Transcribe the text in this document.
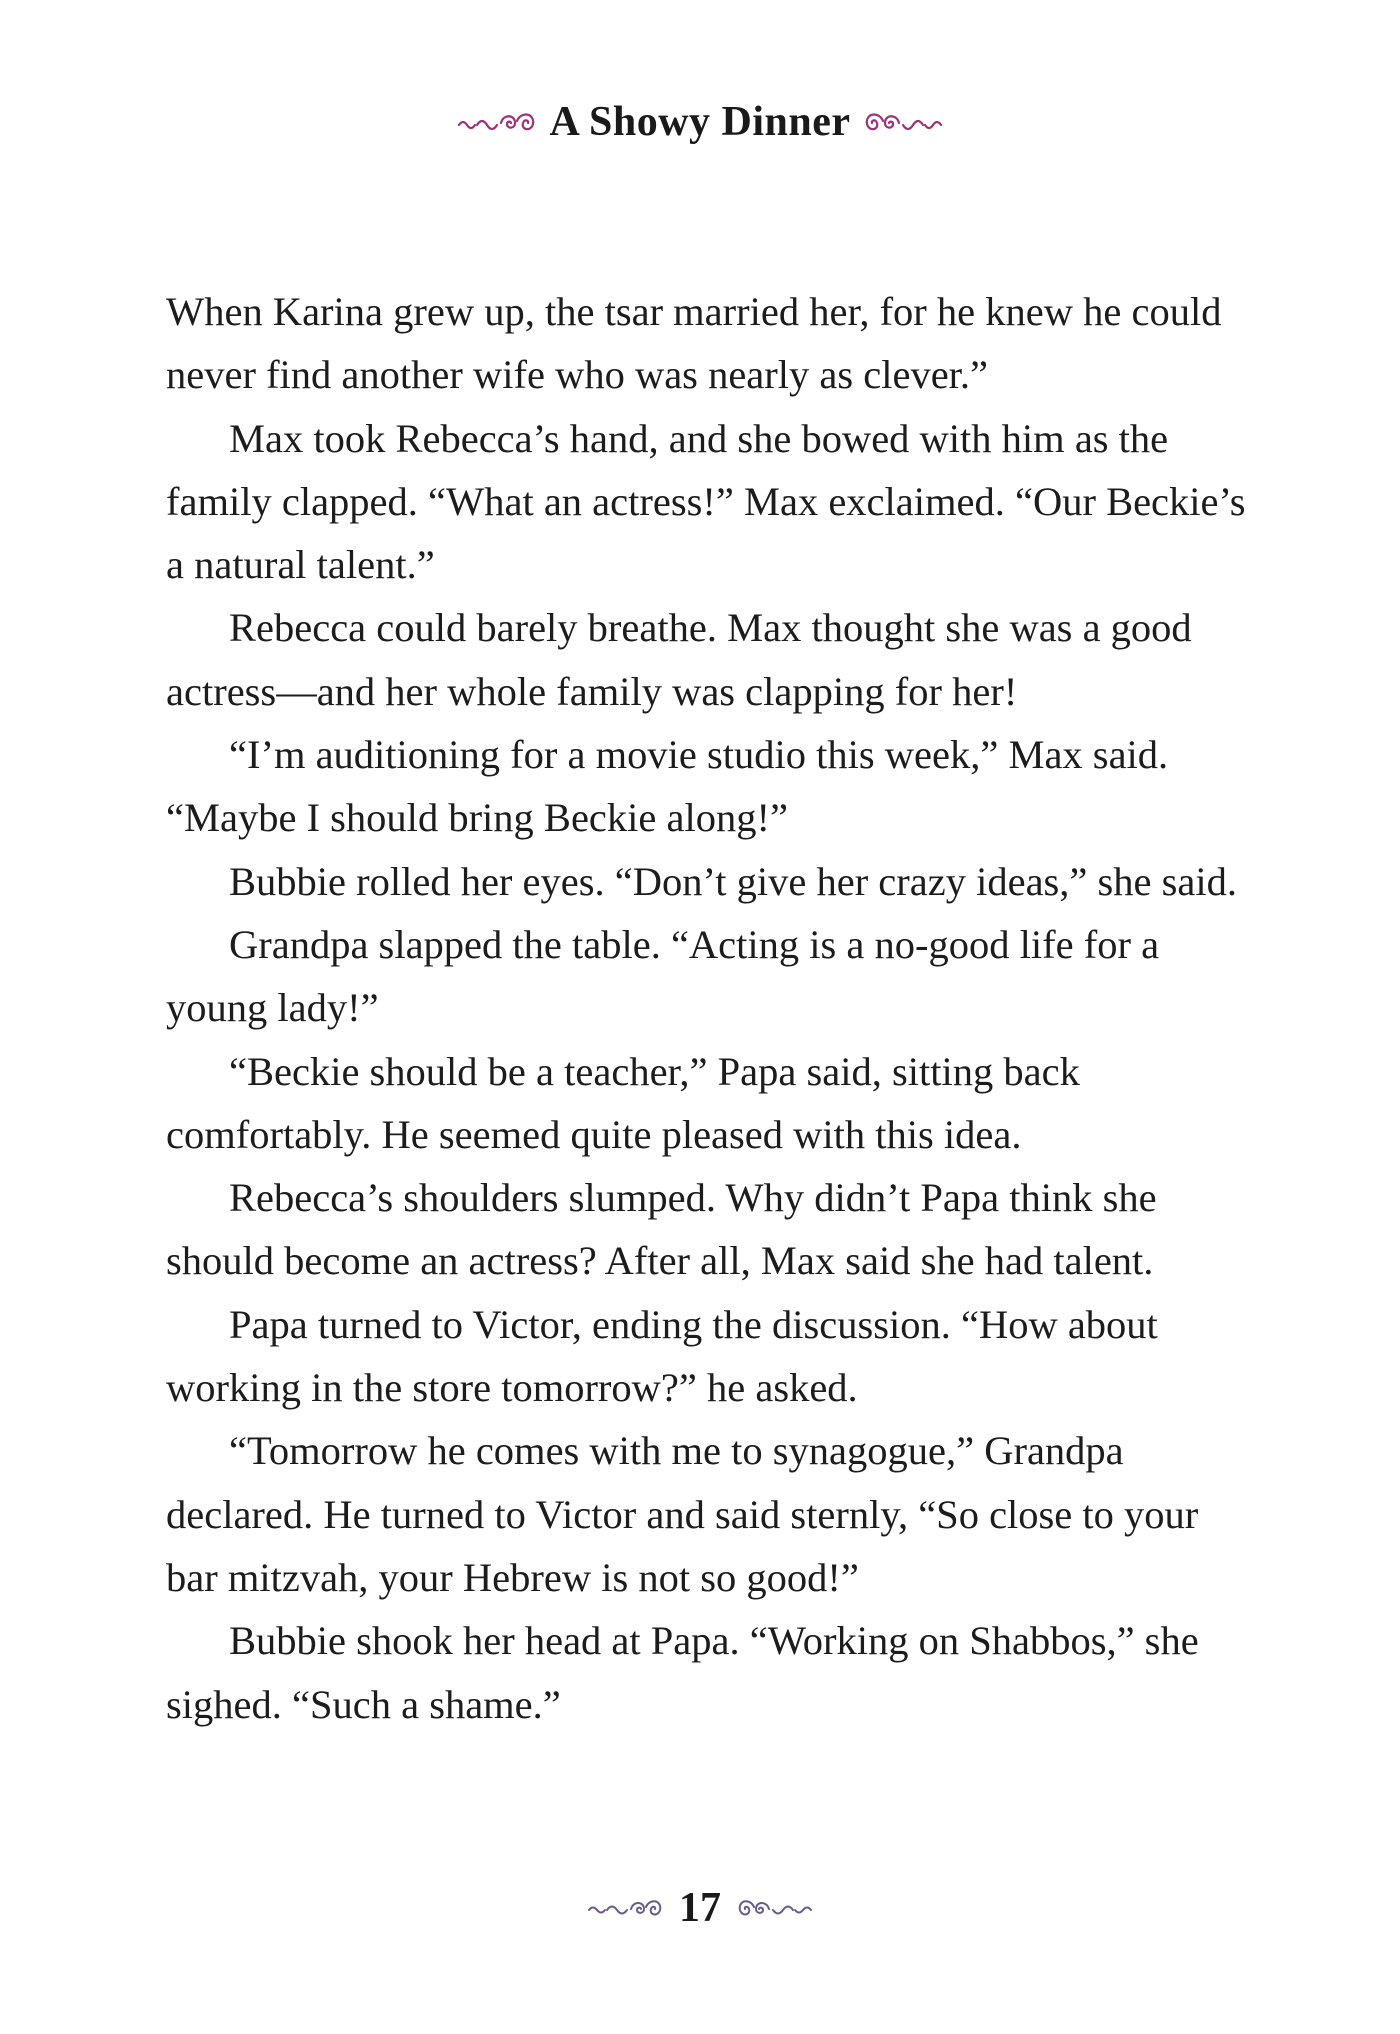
A Showy Dinner

When Karina grew up, the tsar married her, for he knew he could never find another wife who was nearly as clever.”

Max took Rebecca’s hand, and she bowed with him as the family clapped. “What an actress!” Max exclaimed. “Our Beckie’s a natural talent.”

Rebecca could barely breathe. Max thought she was a good actress—and her whole family was clapping for her!

“I’m auditioning for a movie studio this week,” Max said. “Maybe I should bring Beckie along!”

Bubbie rolled her eyes. “Don’t give her crazy ideas,” she said.

Grandpa slapped the table. “Acting is a no-good life for a young lady!”

“Beckie should be a teacher,” Papa said, sitting back comfortably. He seemed quite pleased with this idea.

Rebecca’s shoulders slumped. Why didn’t Papa think she should become an actress? After all, Max said she had talent.

Papa turned to Victor, ending the discussion. “How about working in the store tomorrow?” he asked.

“Tomorrow he comes with me to synagogue,” Grandpa declared. He turned to Victor and said sternly, “So close to your bar mitzvah, your Hebrew is not so good!”

Bubbie shook her head at Papa. “Working on Shabbos,” she sighed. “Such a shame.”

17
